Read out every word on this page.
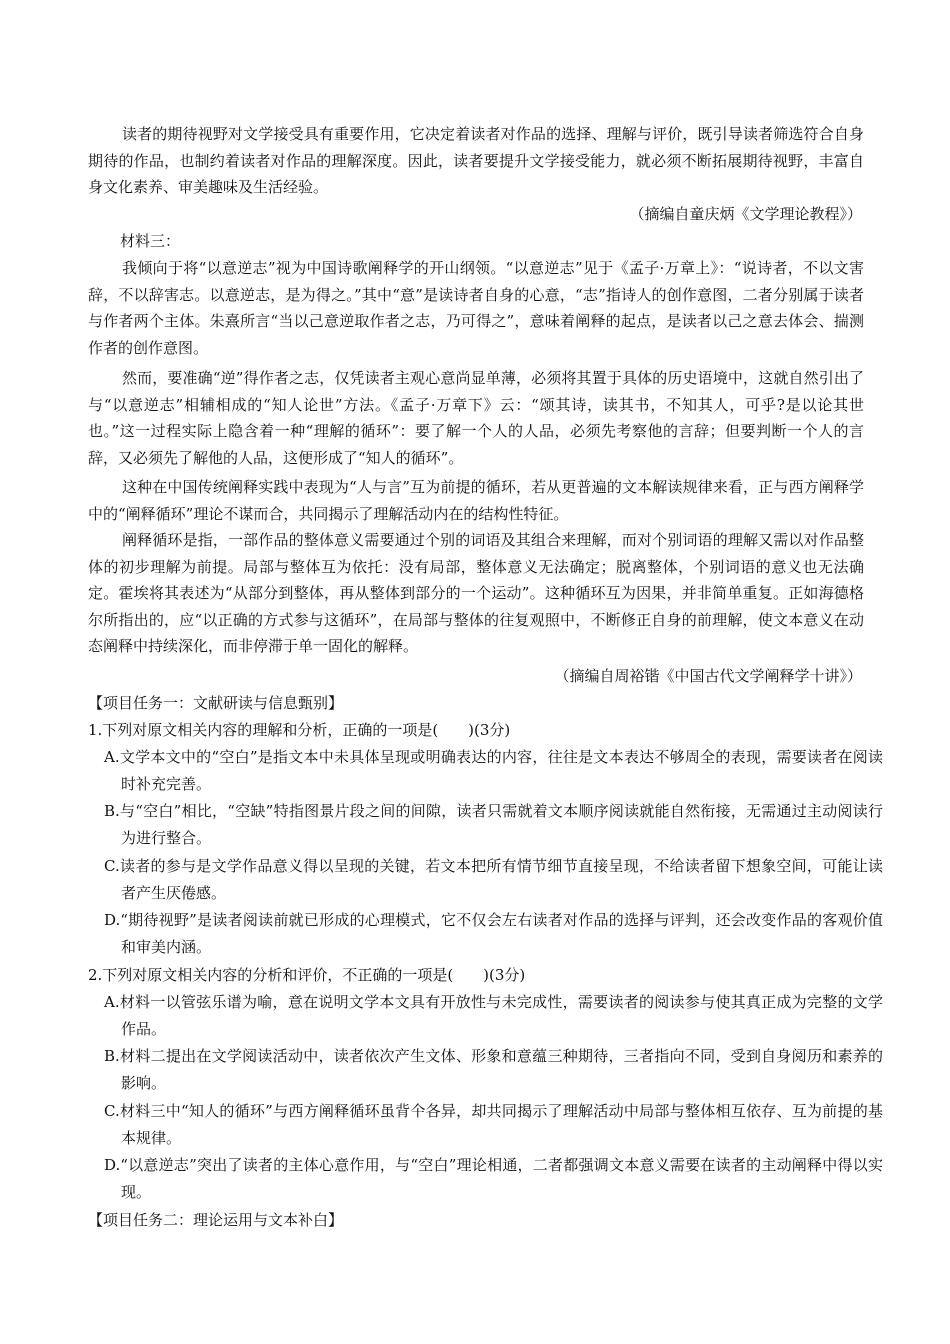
读者的期待视野对文学接受具有重要作用，它决定着读者对作品的选择、理解与评价，既引导读者筛选符合自身期待的作品，也制约着读者对作品的理解深度。因此，读者要提升文学接受能力，就必须不断拓展期待视野，丰富自身文化素养、审美趣味及生活经验。

（摘编自童庆炳《文学理论教程》）

材料三：

我倾向于将“以意逆志”视为中国诗歌阐释学的开山纲领。“以意逆志”见于《孟子·万章上》：“说诗者，不以文害辞，不以辞害志。以意逆志，是为得之。”其中“意”是读诗者自身的心意，“志”指诗人的创作意图，二者分别属于读者与作者两个主体。朱熹所言“当以己意逆取作者之志，乃可得之”，意味着阐释的起点，是读者以己之意去体会、揣测作者的创作意图。

然而，要准确“逆”得作者之志，仅凭读者主观心意尚显单薄，必须将其置于具体的历史语境中，这就自然引出了与“以意逆志”相辅相成的“知人论世”方法。《孟子·万章下》云：“颂其诗，读其书，不知其人，可乎?是以论其世也。”这一过程实际上隐含着一种“理解的循环”：要了解一个人的人品，必须先考察他的言辞；但要判断一个人的言辞，又必须先了解他的人品，这便形成了“知人的循环”。

这种在中国传统阐释实践中表现为“人与言”互为前提的循环，若从更普遍的文本解读规律来看，正与西方阐释学中的“阐释循环”理论不谋而合，共同揭示了理解活动内在的结构性特征。

阐释循环是指，一部作品的整体意义需要通过个别的词语及其组合来理解，而对个别词语的理解又需以对作品整体的初步理解为前提。局部与整体互为依托：没有局部，整体意义无法确定；脱离整体，个别词语的意义也无法确定。霍埃将其表述为“从部分到整体，再从整体到部分的一个运动”。这种循环互为因果，并非简单重复。正如海德格尔所指出的，应“以正确的方式参与这循环”，在局部与整体的往复观照中，不断修正自身的前理解，使文本意义在动态阐释中持续深化，而非停滞于单一固化的解释。

（摘编自周裕锴《中国古代文学阐释学十讲》）

【项目任务一：文献研读与信息甄别】

1.下列对原文相关内容的理解和分析，正确的一项是(　　)(3分)

A.文学本文中的“空白”是指文本中未具体呈现或明确表达的内容，往往是文本表达不够周全的表现，需要读者在阅读时补充完善。

B.与“空白”相比，“空缺”特指图景片段之间的间隙，读者只需就着文本顺序阅读就能自然衔接，无需通过主动阅读行为进行整合。

C.读者的参与是文学作品意义得以呈现的关键，若文本把所有情节细节直接呈现，不给读者留下想象空间，可能让读者产生厌倦感。

D.“期待视野”是读者阅读前就已形成的心理模式，它不仅会左右读者对作品的选择与评判，还会改变作品的客观价值和审美内涵。

2.下列对原文相关内容的分析和评价，不正确的一项是(　　)(3分)

A.材料一以管弦乐谱为喻，意在说明文学本文具有开放性与未完成性，需要读者的阅读参与使其真正成为完整的文学作品。

B.材料二提出在文学阅读活动中，读者依次产生文体、形象和意蕴三种期待，三者指向不同，受到自身阅历和素养的影响。

C.材料三中“知人的循环”与西方阐释循环虽背仐各异，却共同揭示了理解活动中局部与整体相互依存、互为前提的基本规律。

D.“以意逆志”突出了读者的主体心意作用，与“空白”理论相通，二者都强调文本意义需要在读者的主动阐释中得以实现。

【项目任务二：理论运用与文本补白】
